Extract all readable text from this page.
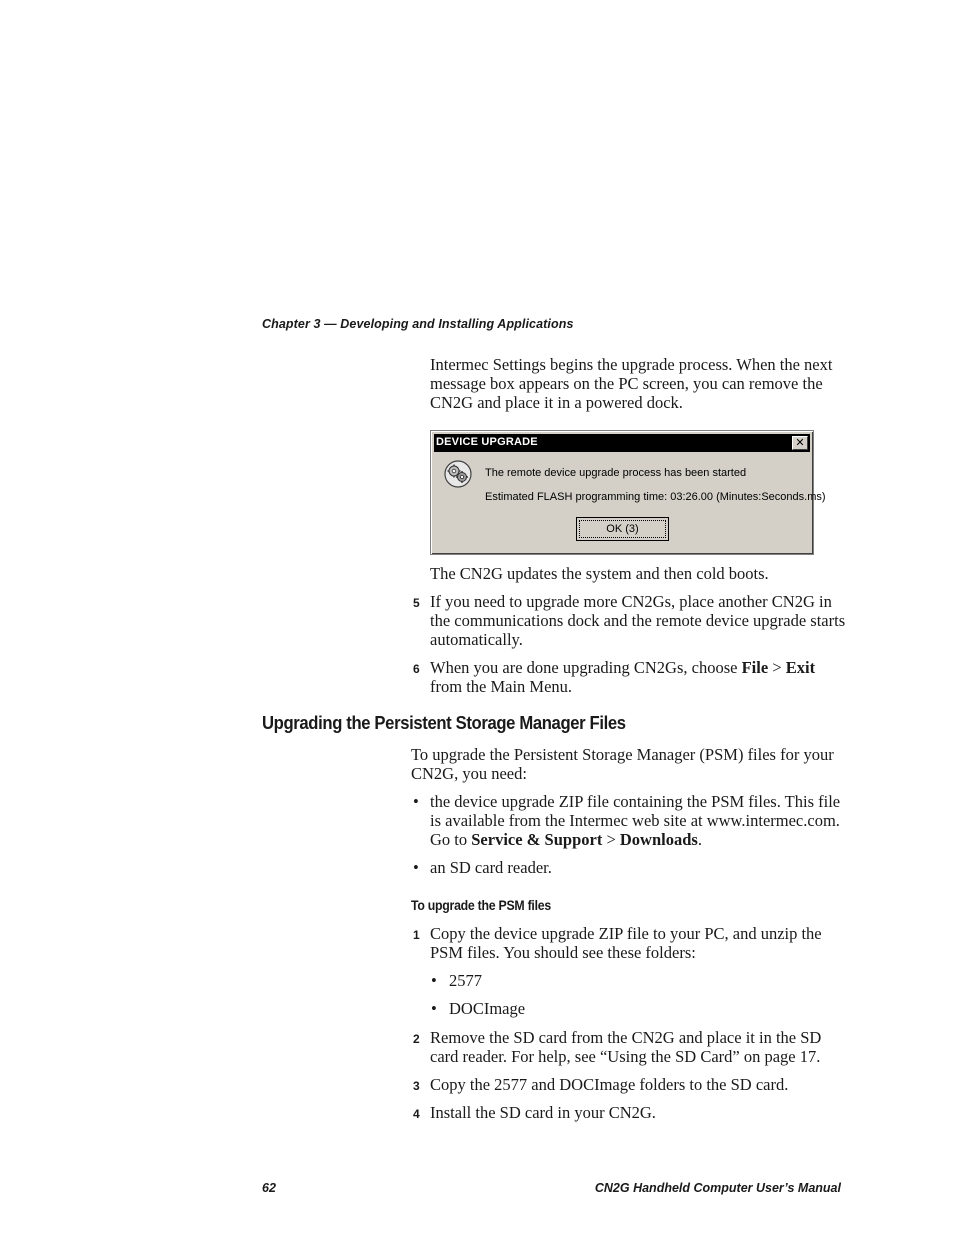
Chapter 3 — Developing and Installing Applications
Intermec Settings begins the upgrade process. When the next message box appears on the PC screen, you can remove the CN2G and place it in a powered dock.
DEVICE UPGRADE	✕
The remote device upgrade process has been started
Estimated FLASH programming time: 03:26.00 (Minutes:Seconds.ms)
OK (3)
The CN2G updates the system and then cold boots.
5 If you need to upgrade more CN2Gs, place another CN2G in the communications dock and the remote device upgrade starts automatically.
6 When you are done upgrading CN2Gs, choose File > Exit from the Main Menu.
Upgrading the Persistent Storage Manager Files
To upgrade the Persistent Storage Manager (PSM) files for your CN2G, you need:
• the device upgrade ZIP file containing the PSM files. This file is available from the Intermec web site at www.intermec.com. Go to Service & Support > Downloads.
• an SD card reader.
To upgrade the PSM files
1 Copy the device upgrade ZIP file to your PC, and unzip the PSM files. You should see these folders:
• 2577
• DOCImage
2 Remove the SD card from the CN2G and place it in the SD card reader. For help, see “Using the SD Card” on page 17.
3 Copy the 2577 and DOCImage folders to the SD card.
4 Install the SD card in your CN2G.
62	CN2G Handheld Computer User’s Manual
